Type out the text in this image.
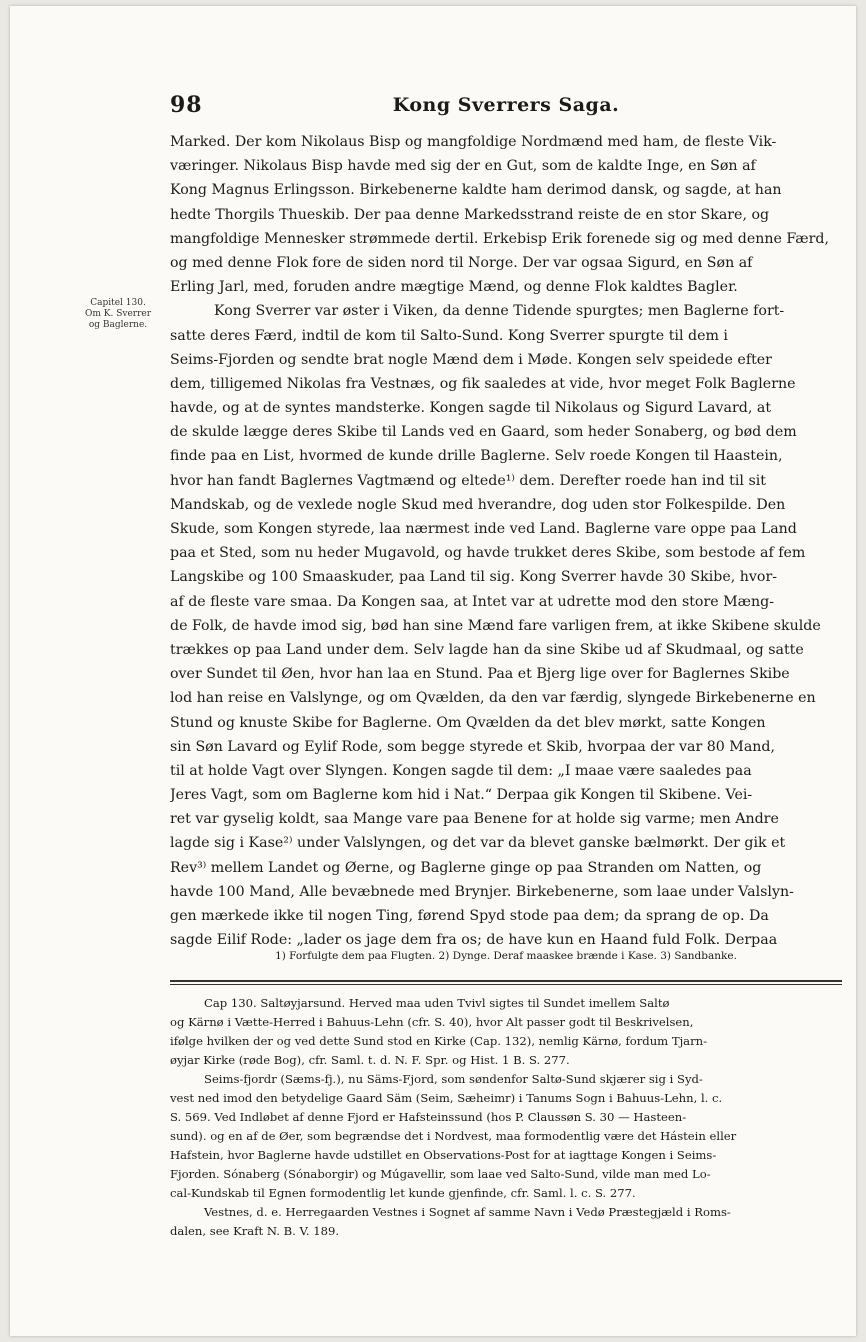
98	Kong Sverrers Saga.
Capitel 130.
Om K. Sverrer
og Baglerne.
Marked. Der kom Nikolaus Bisp og mangfoldige Nordmænd med ham, de fleste Vik-
væringer. Nikolaus Bisp havde med sig der en Gut, som de kaldte Inge, en Søn af
Kong Magnus Erlingsson. Birkebenerne kaldte ham derimod dansk, og sagde, at han
hedte Thorgils Thueskib. Der paa denne Markedsstrand reiste de en stor Skare, og
mangfoldige Mennesker strømmede dertil. Erkebisp Erik forenede sig og med denne Færd,
og med denne Flok fore de siden nord til Norge. Der var ogsaa Sigurd, en Søn af
Erling Jarl, med, foruden andre mægtige Mænd, og denne Flok kaldtes Bagler.
Kong Sverrer var øster i Viken, da denne Tidende spurgtes; men Baglerne fort-
satte deres Færd, indtil de kom til Salto-Sund. Kong Sverrer spurgte til dem i
Seims-Fjorden og sendte brat nogle Mænd dem i Møde. Kongen selv speidede efter
dem, tilligemed Nikolas fra Vestnæs, og fik saaledes at vide, hvor meget Folk Baglerne
havde, og at de syntes mandsterke. Kongen sagde til Nikolaus og Sigurd Lavard, at
de skulde lægge deres Skibe til Lands ved en Gaard, som heder Sonaberg, og bød dem
finde paa en List, hvormed de kunde drille Baglerne. Selv roede Kongen til Haastein,
hvor han fandt Baglernes Vagtmænd og eltede¹⁾ dem. Derefter roede han ind til sit
Mandskab, og de vexlede nogle Skud med hverandre, dog uden stor Folkespilde. Den
Skude, som Kongen styrede, laa nærmest inde ved Land. Baglerne vare oppe paa Land
paa et Sted, som nu heder Mugavold, og havde trukket deres Skibe, som bestode af fem
Langskibe og 100 Smaaskuder, paa Land til sig. Kong Sverrer havde 30 Skibe, hvor-
af de fleste vare smaa. Da Kongen saa, at Intet var at udrette mod den store Mæng-
de Folk, de havde imod sig, bød han sine Mænd fare varligen frem, at ikke Skibene skulde
trækkes op paa Land under dem. Selv lagde han da sine Skibe ud af Skudmaal, og satte
over Sundet til Øen, hvor han laa en Stund. Paa et Bjerg lige over for Baglernes Skibe
lod han reise en Valslynge, og om Qvælden, da den var færdig, slyngede Birkebenerne en
Stund og knuste Skibe for Baglerne. Om Qvælden da det blev mørkt, satte Kongen
sin Søn Lavard og Eylif Rode, som begge styrede et Skib, hvorpaa der var 80 Mand,
til at holde Vagt over Slyngen. Kongen sagde til dem: „I maae være saaledes paa
Jeres Vagt, som om Baglerne kom hid i Nat.“ Derpaa gik Kongen til Skibene. Vei-
ret var gyselig koldt, saa Mange vare paa Benene for at holde sig varme; men Andre
lagde sig i Kase²⁾ under Valslyngen, og det var da blevet ganske bælmørkt. Der gik et
Rev³⁾ mellem Landet og Øerne, og Baglerne ginge op paa Stranden om Natten, og
havde 100 Mand, Alle bevæbnede med Brynjer. Birkebenerne, som laae under Valslyn-
gen mærkede ikke til nogen Ting, førend Spyd stode paa dem; da sprang de op. Da
sagde Eilif Rode: „lader os jage dem fra os; de have kun en Haand fuld Folk. Derpaa
1) Forfulgte dem paa Flugten. 2) Dynge. Deraf maaskee brænde i Kase. 3) Sandbanke.
Cap 130. Saltøyjarsund. Herved maa uden Tvivl sigtes til Sundet imellem Saltø
og Kärnø i Vætte-Herred i Bahuus-Lehn (cfr. S. 40), hvor Alt passer godt til Beskrivelsen,
ifølge hvilken der og ved dette Sund stod en Kirke (Cap. 132), nemlig Kärnø, fordum Tjarn-
øyjar Kirke (røde Bog), cfr. Saml. t. d. N. F. Spr. og Hist. 1 B. S. 277.
Seims-fjordr (Sæms-fj.), nu Säms-Fjord, som søndenfor Saltø-Sund skjærer sig i Syd-
vest ned imod den betydelige Gaard Säm (Seim, Sæheimr) i Tanums Sogn i Bahuus-Lehn, l. c.
S. 569. Ved Indløbet af denne Fjord er Hafsteinssund (hos P. Claussøn S. 30 — Hasteen-
sund). og en af de Øer, som begrændse det i Nordvest, maa formodentlig være det Hástein eller
Hafstein, hvor Baglerne havde udstillet en Observations-Post for at iagttage Kongen i Seims-
Fjorden. Sónaberg (Sónaborgir) og Múgavellir, som laae ved Salto-Sund, vilde man med Lo-
cal-Kundskab til Egnen formodentlig let kunde gjenfinde, cfr. Saml. l. c. S. 277.
Vestnes, d. e. Herregaarden Vestnes i Sognet af samme Navn i Vedø Præstegjæld i Roms-
dalen, see Kraft N. B. V. 189.
